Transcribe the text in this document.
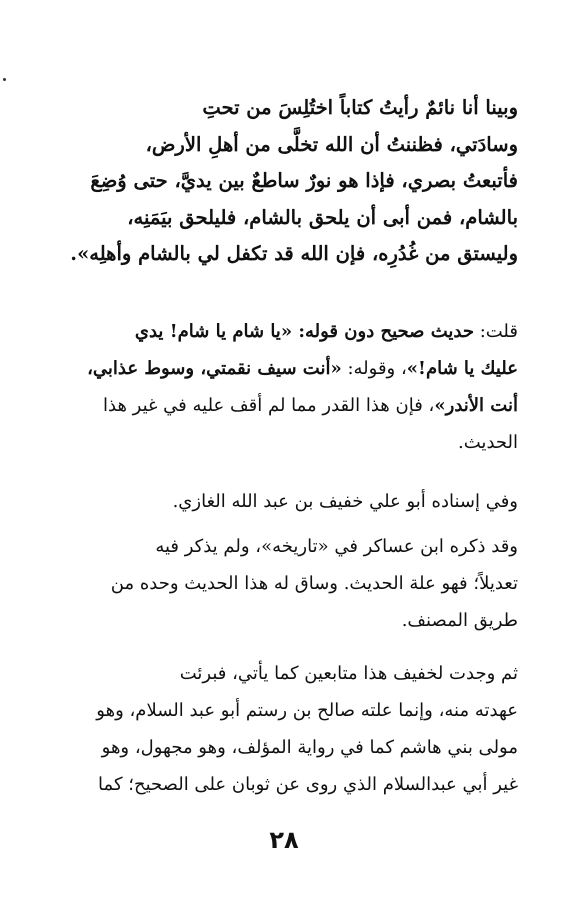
وبينا أنا نائمٌ رأيتُ كتاباً اختُلِسَ من تحتِ
وسادَتي، فظننتُ أن الله تخلَّى من أهلِ الأرض،
فأتبعتُ بصري، فإذا هو نورٌ ساطعٌ بين يديَّ، حتى وُضِعَ
بالشام، فمن أبى أن يلحق بالشام، فليلحق بيَمَنِه،
وليستق من غُدُرِه، فإن الله قد تكفل لي بالشام وأهلِه».
قلت: حديث صحيح دون قوله: «يا شام يا شام! يدي
عليك يا شام!»، وقوله: «أنت سيف نقمتي، وسوط عذابي،
أنت الأندر»، فإن هذا القدر مما لم أقف عليه في غير هذا
الحديث.
وفي إسناده أبو علي خفيف بن عبد الله الغازي.
وقد ذكره ابن عساكر في «تاريخه»، ولم يذكر فيه
تعديلاً؛ فهو علة الحديث. وساق له هذا الحديث وحده من
طريق المصنف.
ثم وجدت لخفيف هذا متابعين كما يأتي، فبرئت
عهدته منه، وإنما علته صالح بن رستم أبو عبد السلام، وهو
مولى بني هاشم كما في رواية المؤلف، وهو مجهول، وهو
غير أبي عبدالسلام الذي روى عن ثوبان على الصحيح؛ كما
٢٨
